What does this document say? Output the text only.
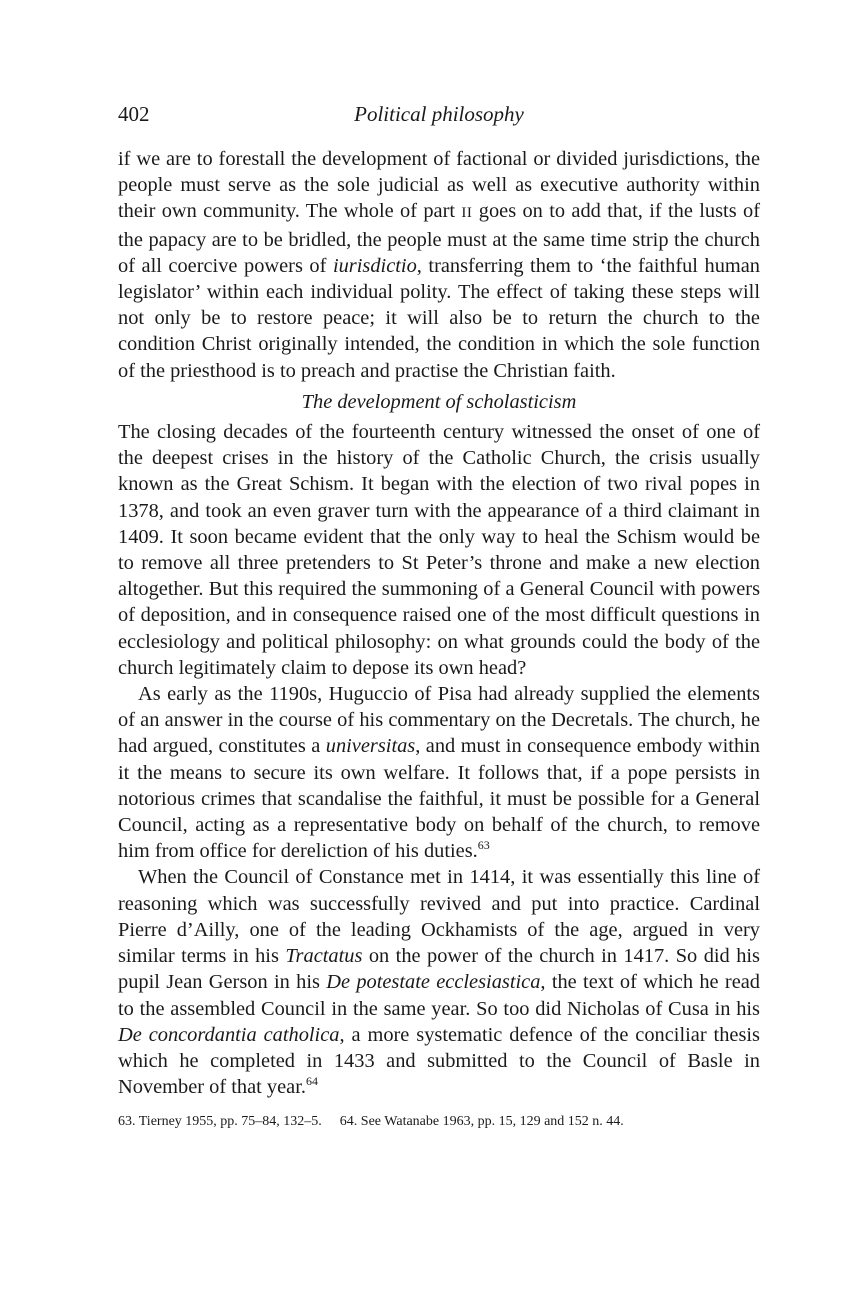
402	Political philosophy

if we are to forestall the development of factional or divided jurisdictions, the people must serve as the sole judicial as well as executive authority within their own community. The whole of part II goes on to add that, if the lusts of the papacy are to be bridled, the people must at the same time strip the church of all coercive powers of iurisdictio, transferring them to ‘the faithful human legislator’ within each individual polity. The effect of taking these steps will not only be to restore peace; it will also be to return the church to the condition Christ originally intended, the condition in which the sole function of the priesthood is to preach and practise the Christian faith.

The development of scholasticism

The closing decades of the fourteenth century witnessed the onset of one of the deepest crises in the history of the Catholic Church, the crisis usually known as the Great Schism. It began with the election of two rival popes in 1378, and took an even graver turn with the appearance of a third claimant in 1409. It soon became evident that the only way to heal the Schism would be to remove all three pretenders to St Peter’s throne and make a new election altogether. But this required the summoning of a General Council with powers of deposition, and in consequence raised one of the most difficult questions in ecclesiology and political philosophy: on what grounds could the body of the church legitimately claim to depose its own head?

As early as the 1190s, Huguccio of Pisa had already supplied the elements of an answer in the course of his commentary on the Decretals. The church, he had argued, constitutes a universitas, and must in consequence embody within it the means to secure its own welfare. It follows that, if a pope persists in notorious crimes that scandalise the faithful, it must be possible for a General Council, acting as a representative body on behalf of the church, to remove him from office for dereliction of his duties.$^{63}$

When the Council of Constance met in 1414, it was essentially this line of reasoning which was successfully revived and put into practice. Cardinal Pierre d’Ailly, one of the leading Ockhamists of the age, argued in very similar terms in his Tractatus on the power of the church in 1417. So did his pupil Jean Gerson in his De potestate ecclesiastica, the text of which he read to the assembled Council in the same year. So too did Nicholas of Cusa in his De concordantia catholica, a more systematic defence of the conciliar thesis which he completed in 1433 and submitted to the Council of Basle in November of that year.$^{64}$

63. Tierney 1955, pp. 75–84, 132–5. 64. See Watanabe 1963, pp. 15, 129 and 152 n. 44.
